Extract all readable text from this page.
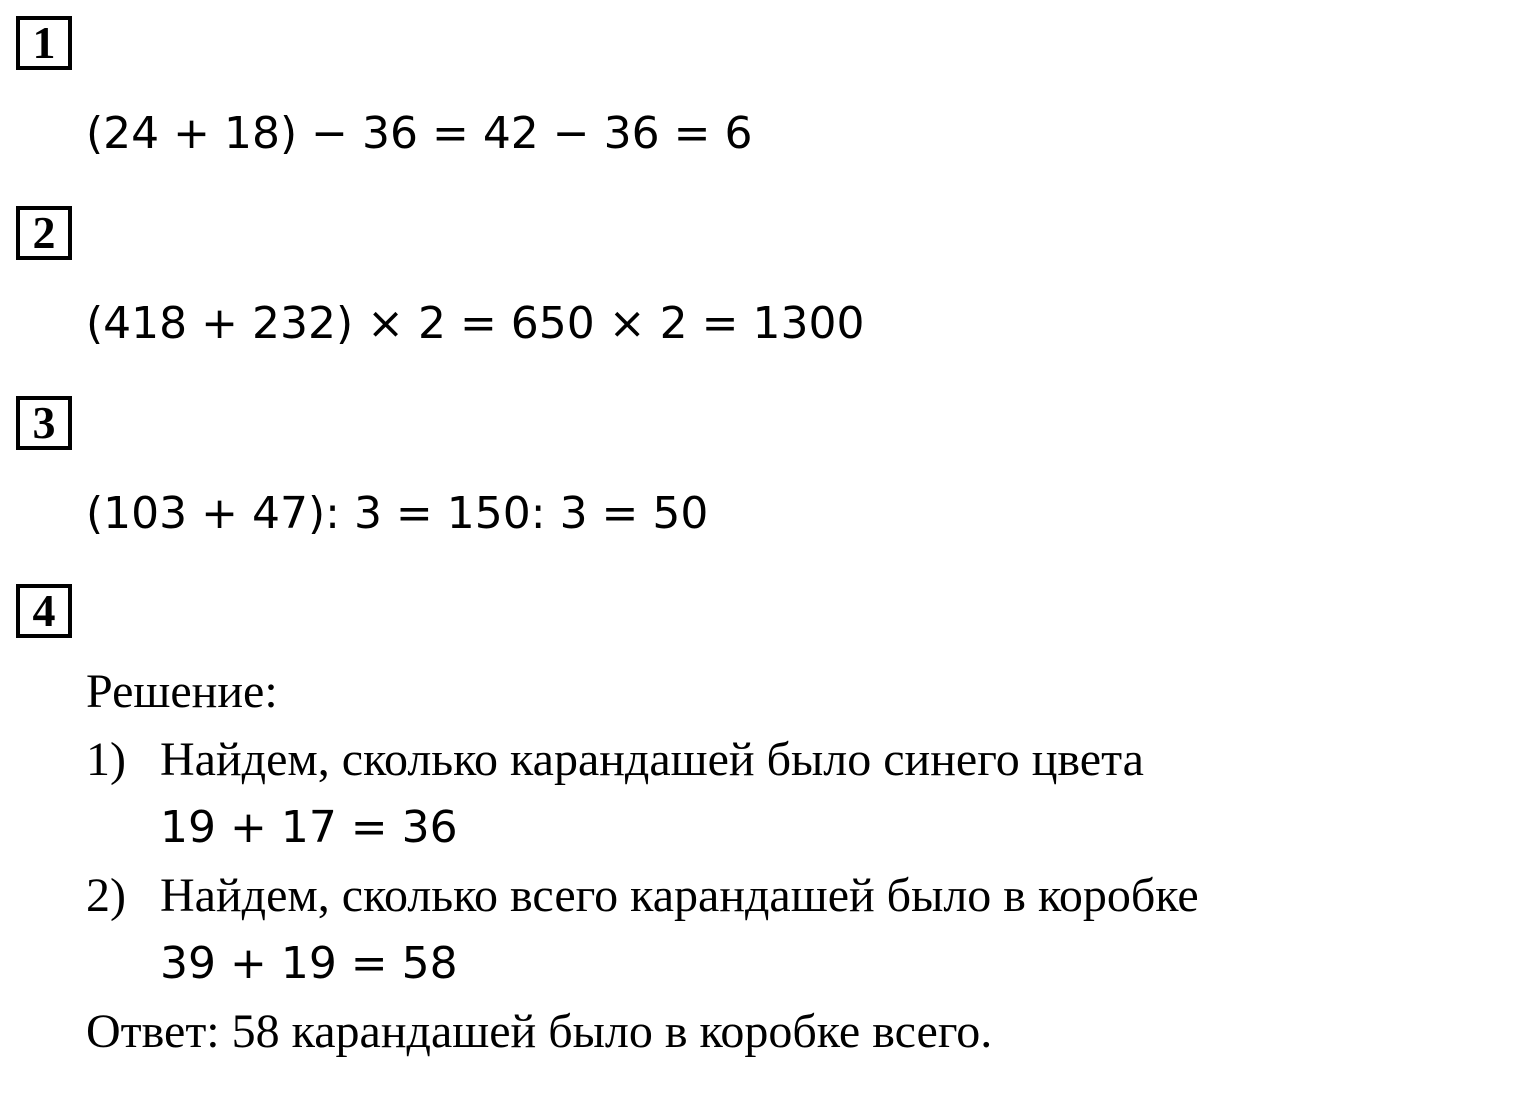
1
(24 + 18) − 36 = 42 − 36 = 6
2
(418 + 232) × 2 = 650 × 2 = 1300
3
(103 + 47): 3 = 150: 3 = 50
4
Решение:
1) Найдем, сколько карандашей было синего цвета
19 + 17 = 36
2) Найдем, сколько всего карандашей было в коробке
39 + 19 = 58
Ответ: 58 карандашей было в коробке всего.
